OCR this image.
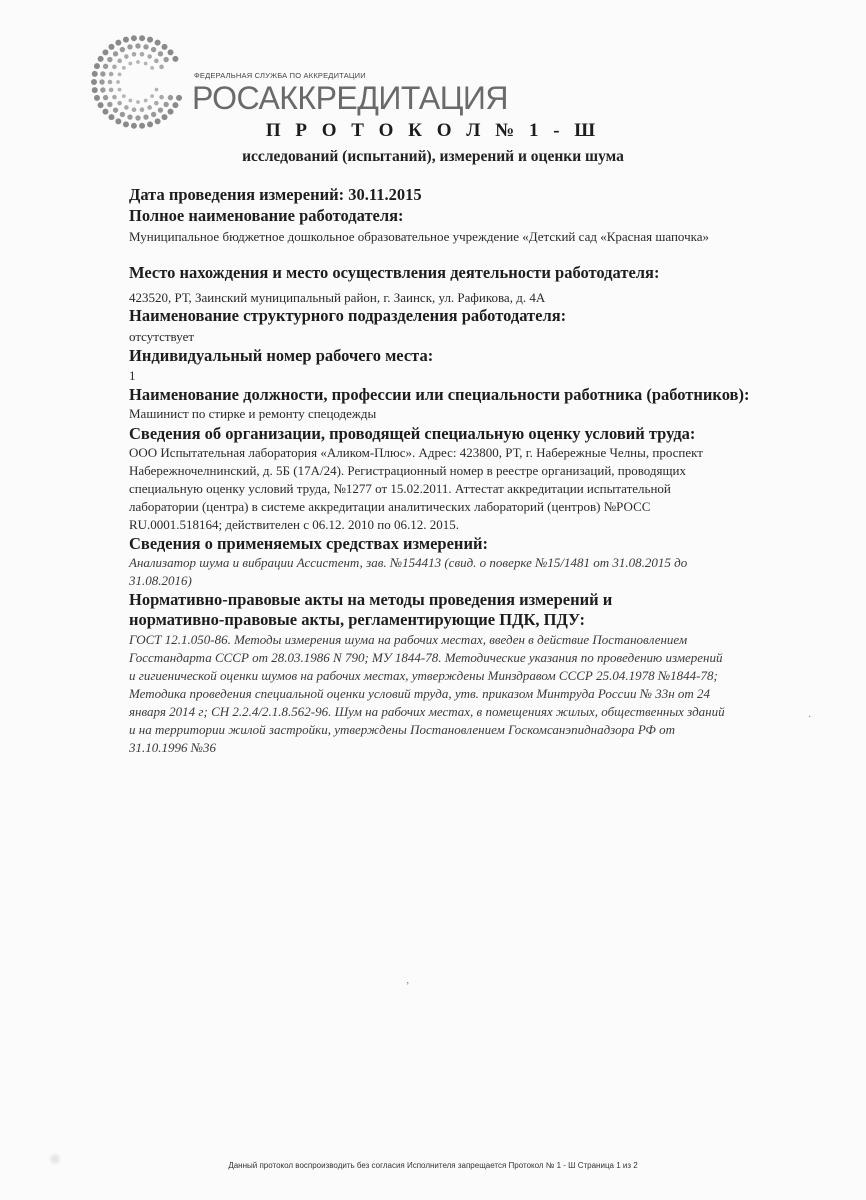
ФЕДЕРАЛЬНАЯ СЛУЖБА ПО АККРЕДИТАЦИИ
РОСАККРЕДИТАЦИЯ
П Р О Т О К О Л № 1 - Ш
исследований (испытаний), измерений и оценки шума
Дата проведения измерений: 30.11.2015
Полное наименование работодателя:
Муниципальное бюджетное дошкольное образовательное учреждение «Детский сад «Красная шапочка»
Место нахождения и место осуществления деятельности работодателя:
423520, РТ, Заинский муниципальный район, г. Заинск, ул. Рафикова, д. 4А
Наименование структурного подразделения работодателя:
отсутствует
Индивидуальный номер рабочего места:
1
Наименование должности, профессии или специальности работника (работников):
Машинист по стирке и ремонту спецодежды
Сведения об организации, проводящей специальную оценку условий труда:
ООО Испытательная лаборатория «Аликом-Плюс». Адрес: 423800, РТ, г. Набережные Челны, проспект
Набережночелнинский, д. 5Б (17А/24). Регистрационный номер в реестре организаций, проводящих
специальную оценку условий труда, №1277 от 15.02.2011. Аттестат аккредитации испытательной
лаборатории (центра) в системе аккредитации аналитических лабораторий (центров) №РОСС
RU.0001.518164; действителен с 06.12. 2010 по 06.12. 2015.
Сведения о применяемых средствах измерений:
Анализатор шума и вибрации Ассистент, зав. №154413 (свид. о поверке №15/1481 от 31.08.2015 до
31.08.2016)
Нормативно-правовые акты на методы проведения измерений и
нормативно-правовые акты, регламентирующие ПДК, ПДУ:
ГОСТ 12.1.050-86. Методы измерения шума на рабочих местах, введен в действие Постановлением
Госстандарта СССР от 28.03.1986 N 790; МУ 1844-78. Методические указания по проведению измерений
и гигиенической оценки шумов на рабочих местах, утверждены Минздравом СССР 25.04.1978 №1844-78;
Методика проведения специальной оценки условий труда, утв. приказом Минтруда России № 33н от 24
января 2014 г; СН 2.2.4/2.1.8.562-96. Шум на рабочих местах, в помещениях жилых, общественных зданий
и на территории жилой застройки, утверждены Постановлением Госкомсанэпиднадзора РФ от
31.10.1996 №36
‚
·
Данный протокол воспроизводить без согласия Исполнителя запрещается Протокол № 1 - Ш Страница 1 из 2
